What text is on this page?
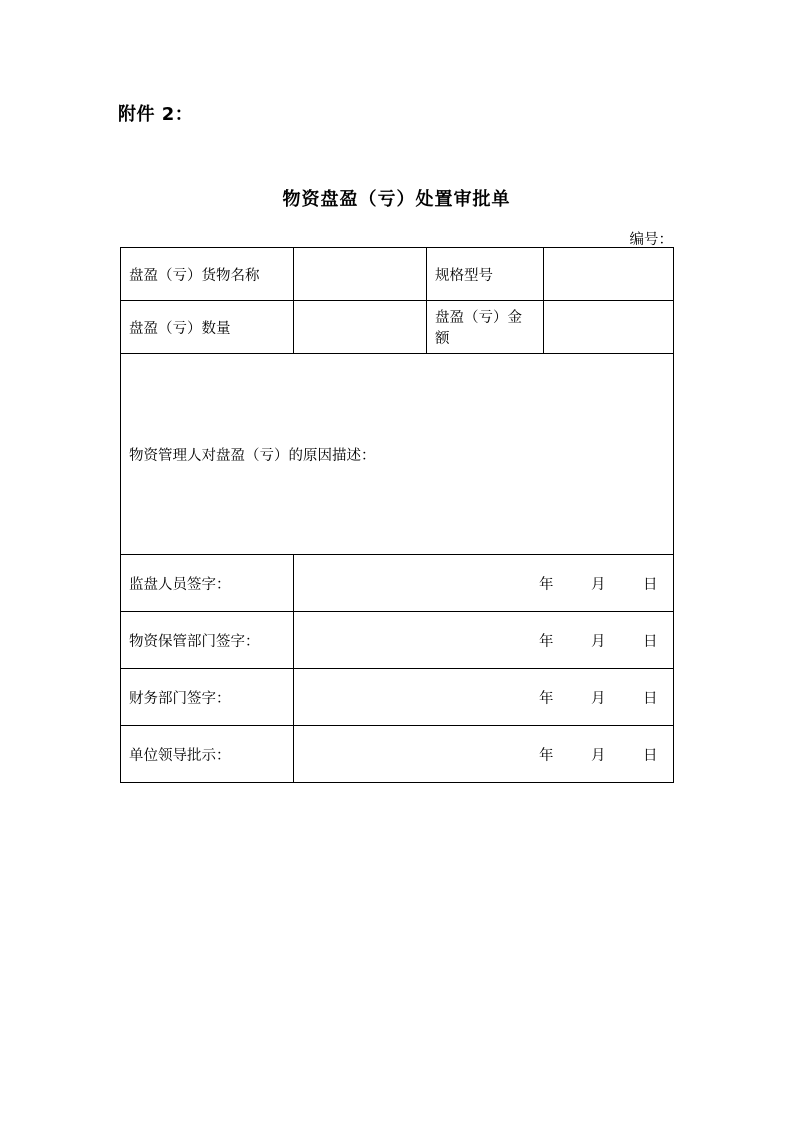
附件 2：
物资盘盈（亏）处置审批单
编号：
盘盈（亏）货物名称		规格型号	
盘盈（亏）数量		盘盈（亏）金额	
物资管理人对盘盈（亏）的原因描述：			
监盘人员签字：	年 月 日		

物资保管部门签字：	年 月 日		

财务部门签字：	年 月 日		

单位领导批示：	年 月 日		
